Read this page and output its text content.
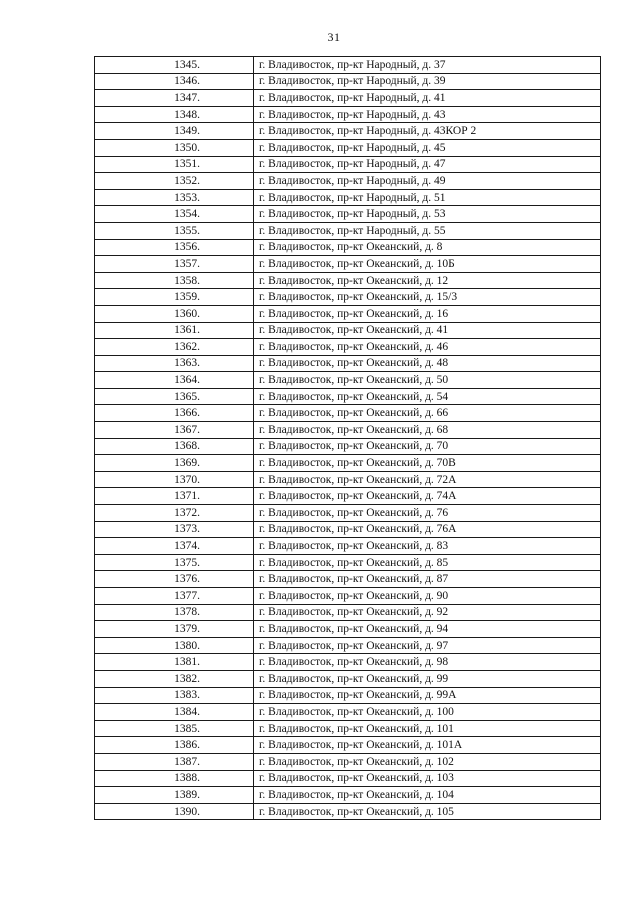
31
1345.	г. Владивосток, пр-кт Народный, д. 37
1346.	г. Владивосток, пр-кт Народный, д. 39
1347.	г. Владивосток, пр-кт Народный, д. 41
1348.	г. Владивосток, пр-кт Народный, д. 43
1349.	г. Владивосток, пр-кт Народный, д. 43КОР 2
1350.	г. Владивосток, пр-кт Народный, д. 45
1351.	г. Владивосток, пр-кт Народный, д. 47
1352.	г. Владивосток, пр-кт Народный, д. 49
1353.	г. Владивосток, пр-кт Народный, д. 51
1354.	г. Владивосток, пр-кт Народный, д. 53
1355.	г. Владивосток, пр-кт Народный, д. 55
1356.	г. Владивосток, пр-кт Океанский, д. 8
1357.	г. Владивосток, пр-кт Океанский, д. 10Б
1358.	г. Владивосток, пр-кт Океанский, д. 12
1359.	г. Владивосток, пр-кт Океанский, д. 15/3
1360.	г. Владивосток, пр-кт Океанский, д. 16
1361.	г. Владивосток, пр-кт Океанский, д. 41
1362.	г. Владивосток, пр-кт Океанский, д. 46
1363.	г. Владивосток, пр-кт Океанский, д. 48
1364.	г. Владивосток, пр-кт Океанский, д. 50
1365.	г. Владивосток, пр-кт Океанский, д. 54
1366.	г. Владивосток, пр-кт Океанский, д. 66
1367.	г. Владивосток, пр-кт Океанский, д. 68
1368.	г. Владивосток, пр-кт Океанский, д. 70
1369.	г. Владивосток, пр-кт Океанский, д. 70В
1370.	г. Владивосток, пр-кт Океанский, д. 72А
1371.	г. Владивосток, пр-кт Океанский, д. 74А
1372.	г. Владивосток, пр-кт Океанский, д. 76
1373.	г. Владивосток, пр-кт Океанский, д. 76А
1374.	г. Владивосток, пр-кт Океанский, д. 83
1375.	г. Владивосток, пр-кт Океанский, д. 85
1376.	г. Владивосток, пр-кт Океанский, д. 87
1377.	г. Владивосток, пр-кт Океанский, д. 90
1378.	г. Владивосток, пр-кт Океанский, д. 92
1379.	г. Владивосток, пр-кт Океанский, д. 94
1380.	г. Владивосток, пр-кт Океанский, д. 97
1381.	г. Владивосток, пр-кт Океанский, д. 98
1382.	г. Владивосток, пр-кт Океанский, д. 99
1383.	г. Владивосток, пр-кт Океанский, д. 99А
1384.	г. Владивосток, пр-кт Океанский, д. 100
1385.	г. Владивосток, пр-кт Океанский, д. 101
1386.	г. Владивосток, пр-кт Океанский, д. 101А
1387.	г. Владивосток, пр-кт Океанский, д. 102
1388.	г. Владивосток, пр-кт Океанский, д. 103
1389.	г. Владивосток, пр-кт Океанский, д. 104
1390.	г. Владивосток, пр-кт Океанский, д. 105
